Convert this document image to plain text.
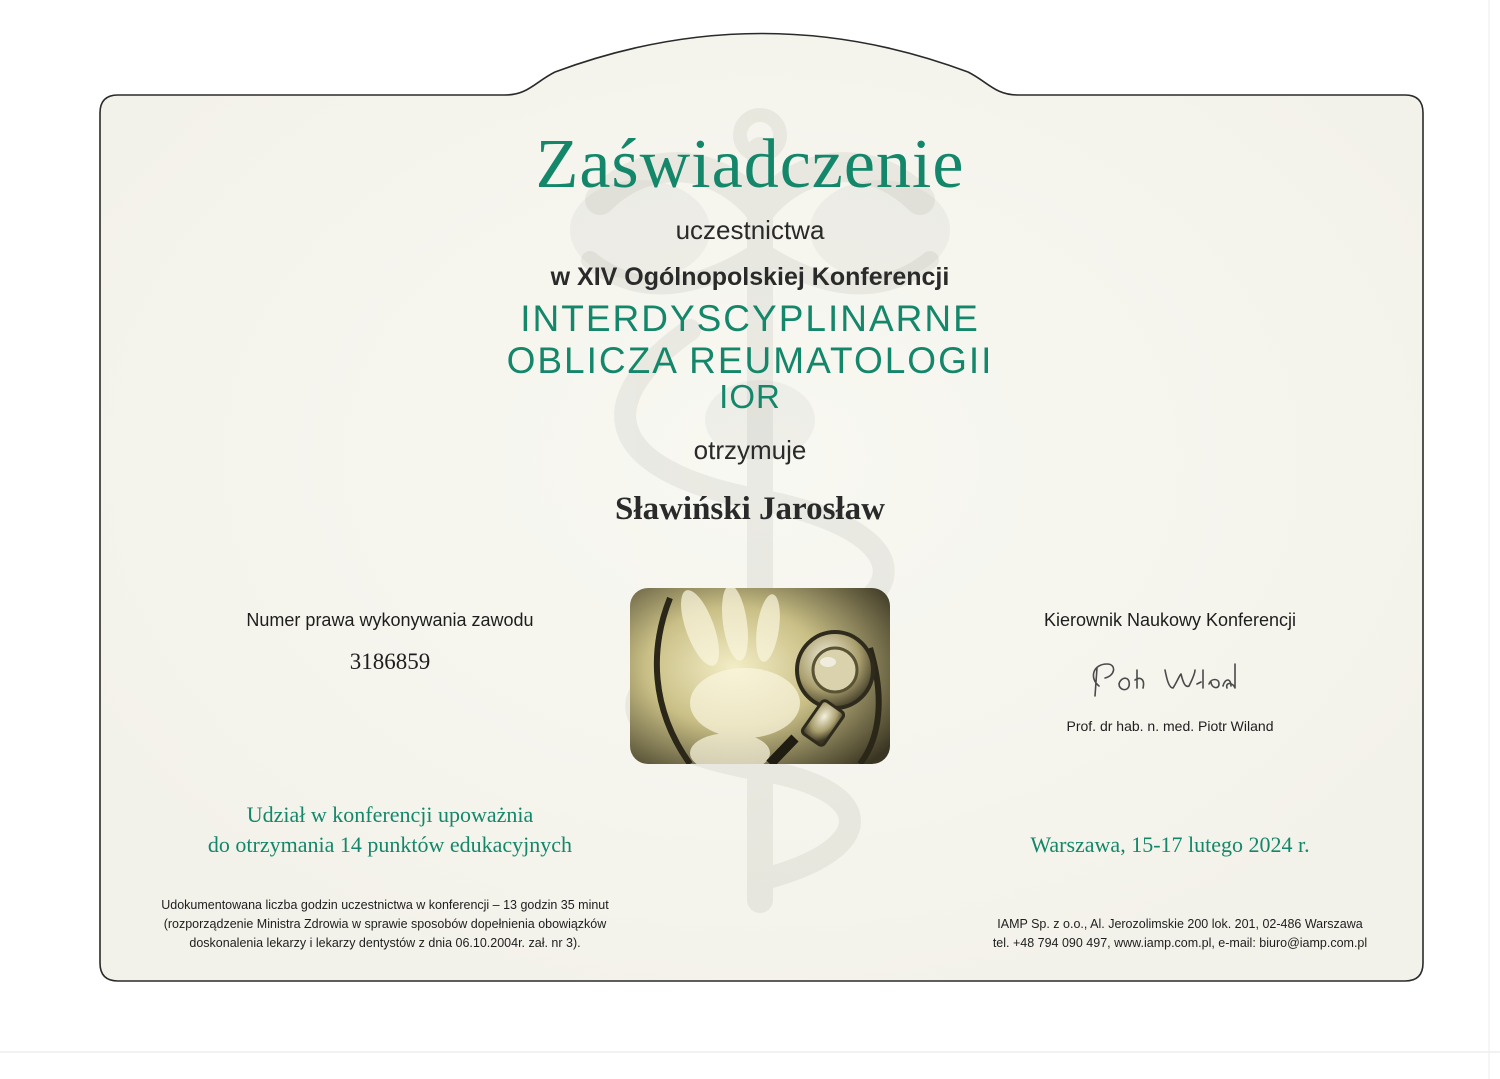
Zaświadczenie
uczestnictwa
w XIV Ogólnopolskiej Konferencji
INTERDYSCYPLINARNE
OBLICZA REUMATOLOGII
IOR
otrzymuje
Sławiński Jarosław
Numer prawa wykonywania zawodu
3186859
Kierownik Naukowy Konferencji
Prof. dr hab. n. med. Piotr Wiland
Udział w konferencji upoważnia
do otrzymania 14 punktów edukacyjnych	Warszawa, 15-17 lutego 2024 r.
Udokumentowana liczba godzin uczestnictwa w konferencji – 13 godzin 35 minut
(rozporządzenie Ministra Zdrowia w sprawie sposobów dopełnienia obowiązków
doskonalenia lekarzy i lekarzy dentystów z dnia 06.10.2004r. zał. nr 3).
IAMP Sp. z o.o., Al. Jerozolimskie 200 lok. 201, 02-486 Warszawa
tel. +48 794 090 497, www.iamp.com.pl, e-mail: biuro@iamp.com.pl
